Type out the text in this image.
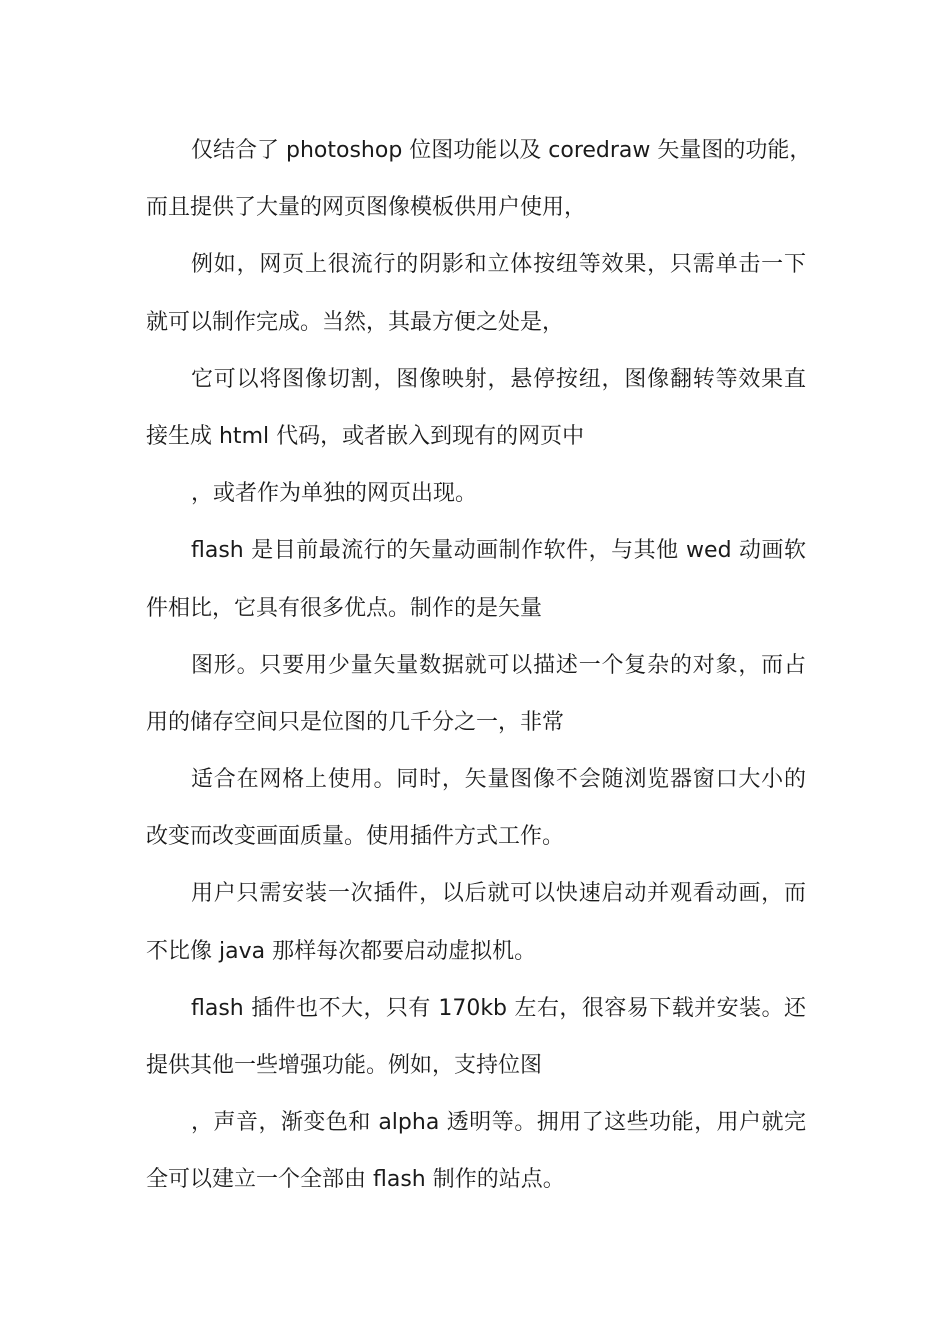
仅结合了 photoshop 位图功能以及 coredraw 矢量图的功能，
而且提供了大量的网页图像模板供用户使用，
例如，网页上很流行的阴影和立体按纽等效果，只需单击一下
就可以制作完成。当然，其最方便之处是，
它可以将图像切割，图像映射，悬停按纽，图像翻转等效果直
接生成 html 代码，或者嵌入到现有的网页中
，或者作为单独的网页出现。
flash 是目前最流行的矢量动画制作软件，与其他 wed 动画软
件相比，它具有很多优点。制作的是矢量
图形。只要用少量矢量数据就可以描述一个复杂的对象，而占
用的储存空间只是位图的几千分之一，非常
适合在网格上使用。同时，矢量图像不会随浏览器窗口大小的
改变而改变画面质量。使用插件方式工作。
用户只需安装一次插件，以后就可以快速启动并观看动画，而
不比像 java 那样每次都要启动虚拟机。
flash 插件也不大，只有 170kb 左右，很容易下载并安装。还
提供其他一些增强功能。例如，支持位图
，声音，渐变色和 alpha 透明等。拥用了这些功能，用户就完
全可以建立一个全部由 flash 制作的站点。
